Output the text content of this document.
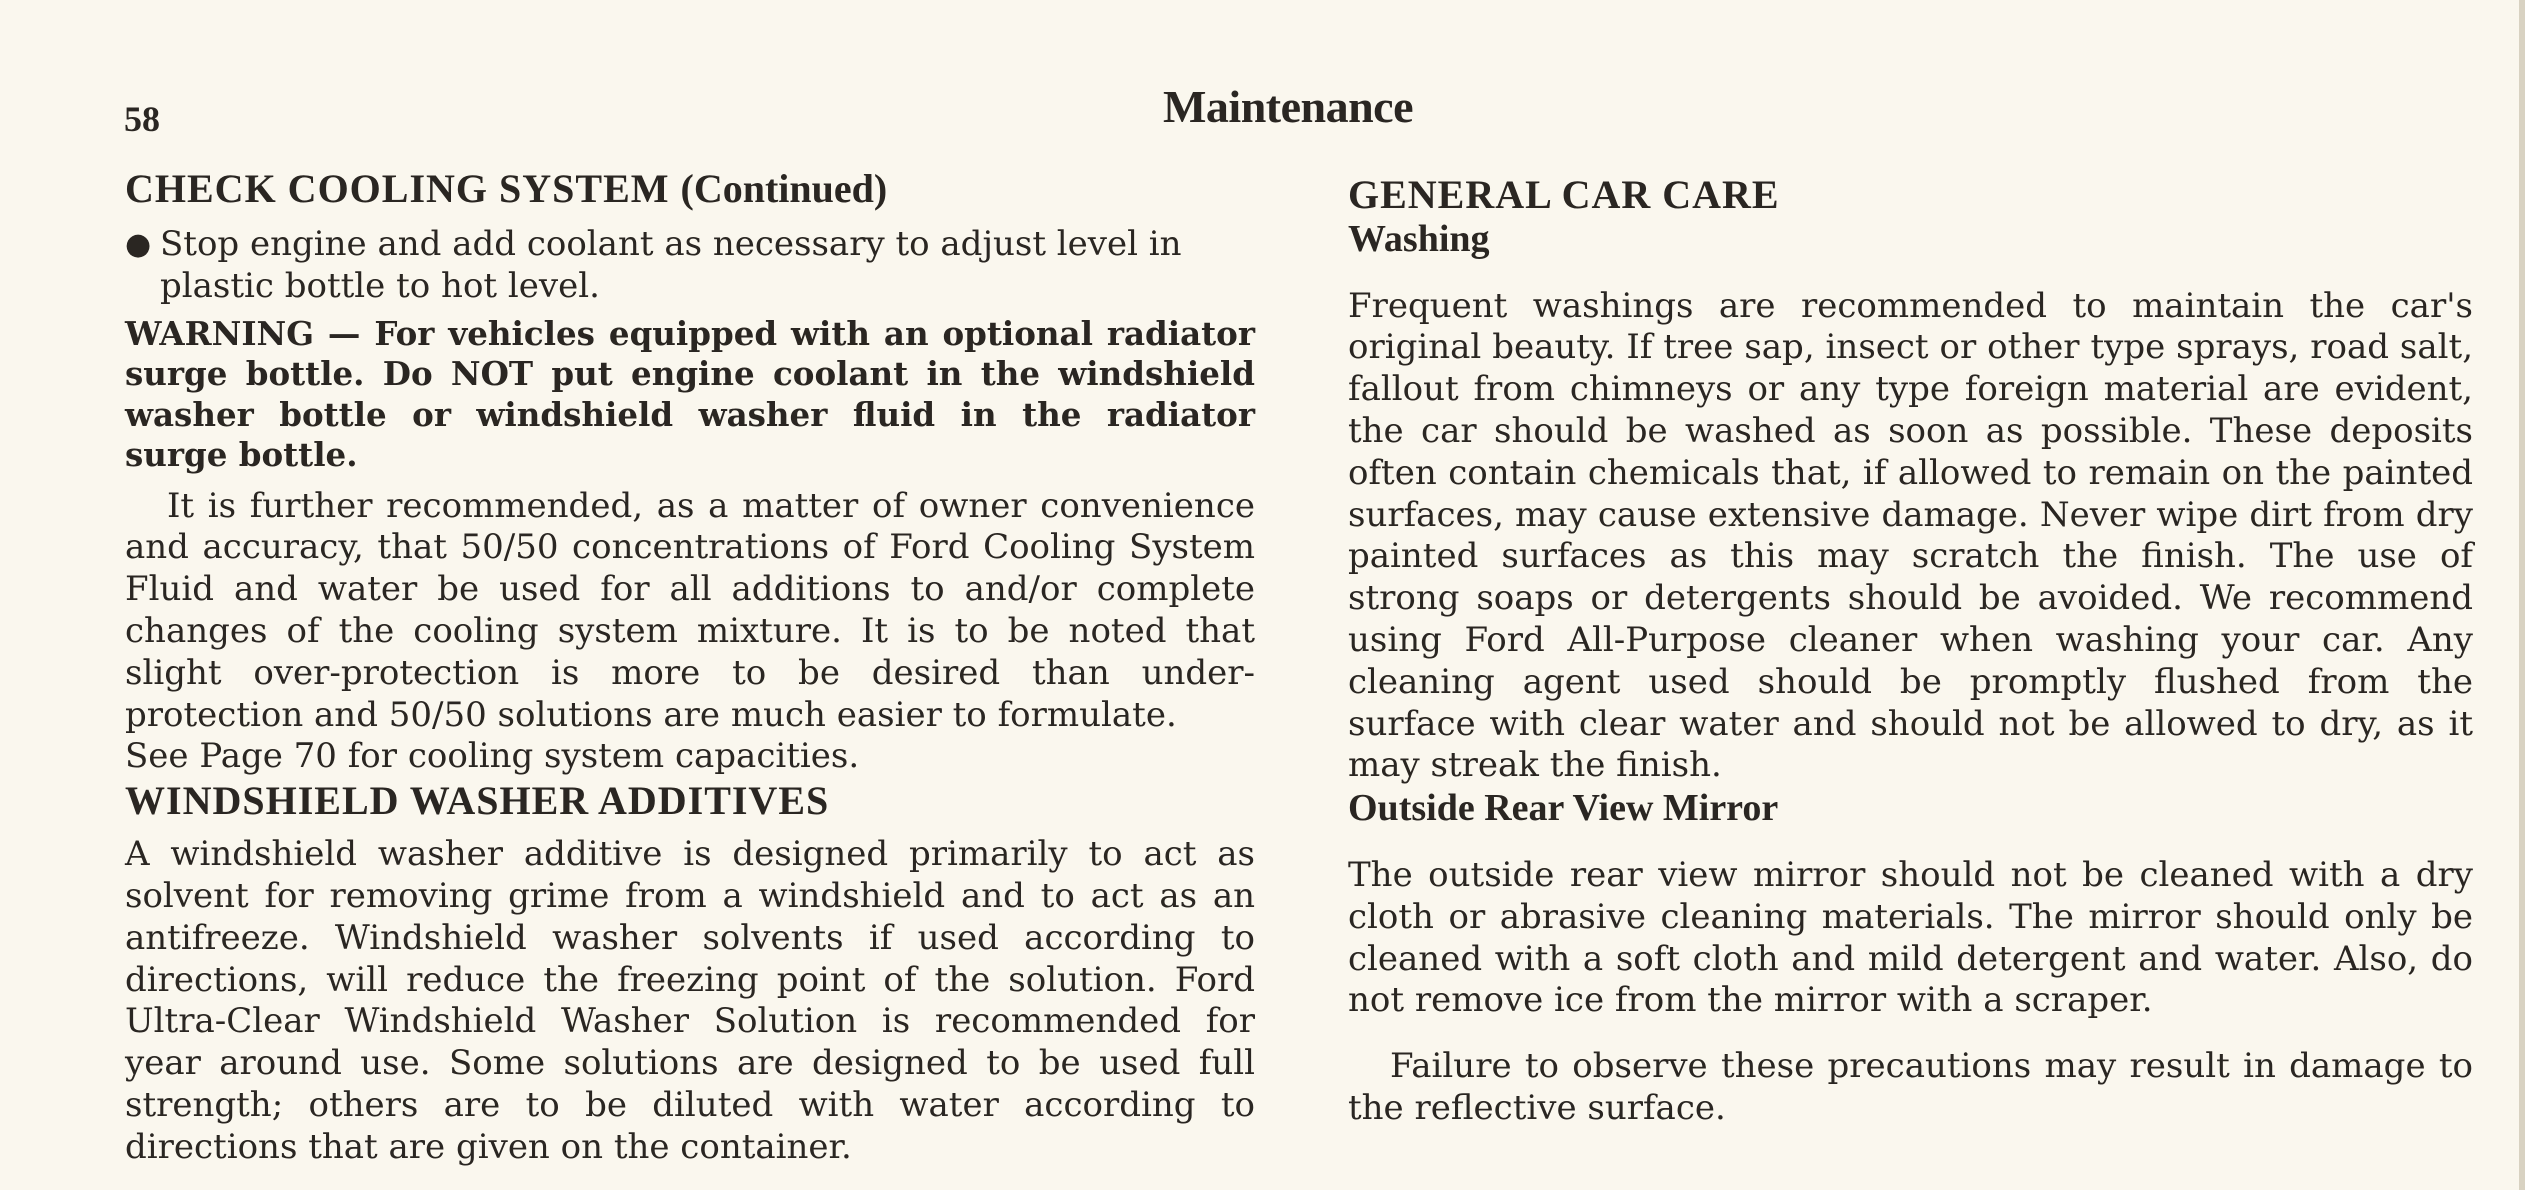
58	Maintenance
CHECK COOLING SYSTEM (Continued)
● Stop engine and add coolant as necessary to adjust level in plastic bottle to hot level.

WARNING — For vehicles equipped with an optional radiator surge bottle. Do NOT put engine coolant in the windshield washer bottle or windshield washer fluid in the radiator surge bottle.

It is further recommended, as a matter of owner convenience and accuracy, that 50/50 concentrations of Ford Cooling System Fluid and water be used for all additions to and/or complete changes of the cooling system mixture. It is to be noted that slight over-protection is more to be desired than under-protection and 50/50 solutions are much easier to formulate.

See Page 70 for cooling system capacities.

WINDSHIELD WASHER ADDITIVES

A windshield washer additive is designed primarily to act as solvent for removing grime from a windshield and to act as an antifreeze. Windshield washer solvents if used according to directions, will reduce the freezing point of the solution. Ford Ultra-Clear Windshield Washer Solution is recommended for year around use. Some solutions are designed to be used full strength; others are to be diluted with water according to directions that are given on the container.

GENERAL CAR CARE
Washing

Frequent washings are recommended to maintain the car's original beauty. If tree sap, insect or other type sprays, road salt, fallout from chimneys or any type foreign material are evident, the car should be washed as soon as possible. These deposits often contain chemicals that, if allowed to remain on the painted surfaces, may cause extensive damage. Never wipe dirt from dry painted surfaces as this may scratch the finish. The use of strong soaps or detergents should be avoided. We recommend using Ford All-Purpose cleaner when washing your car. Any cleaning agent used should be promptly flushed from the surface with clear water and should not be allowed to dry, as it may streak the finish.

Outside Rear View Mirror

The outside rear view mirror should not be cleaned with a dry cloth or abrasive cleaning materials. The mirror should only be cleaned with a soft cloth and mild detergent and water. Also, do not remove ice from the mirror with a scraper.

Failure to observe these precautions may result in damage to the reflective surface.
